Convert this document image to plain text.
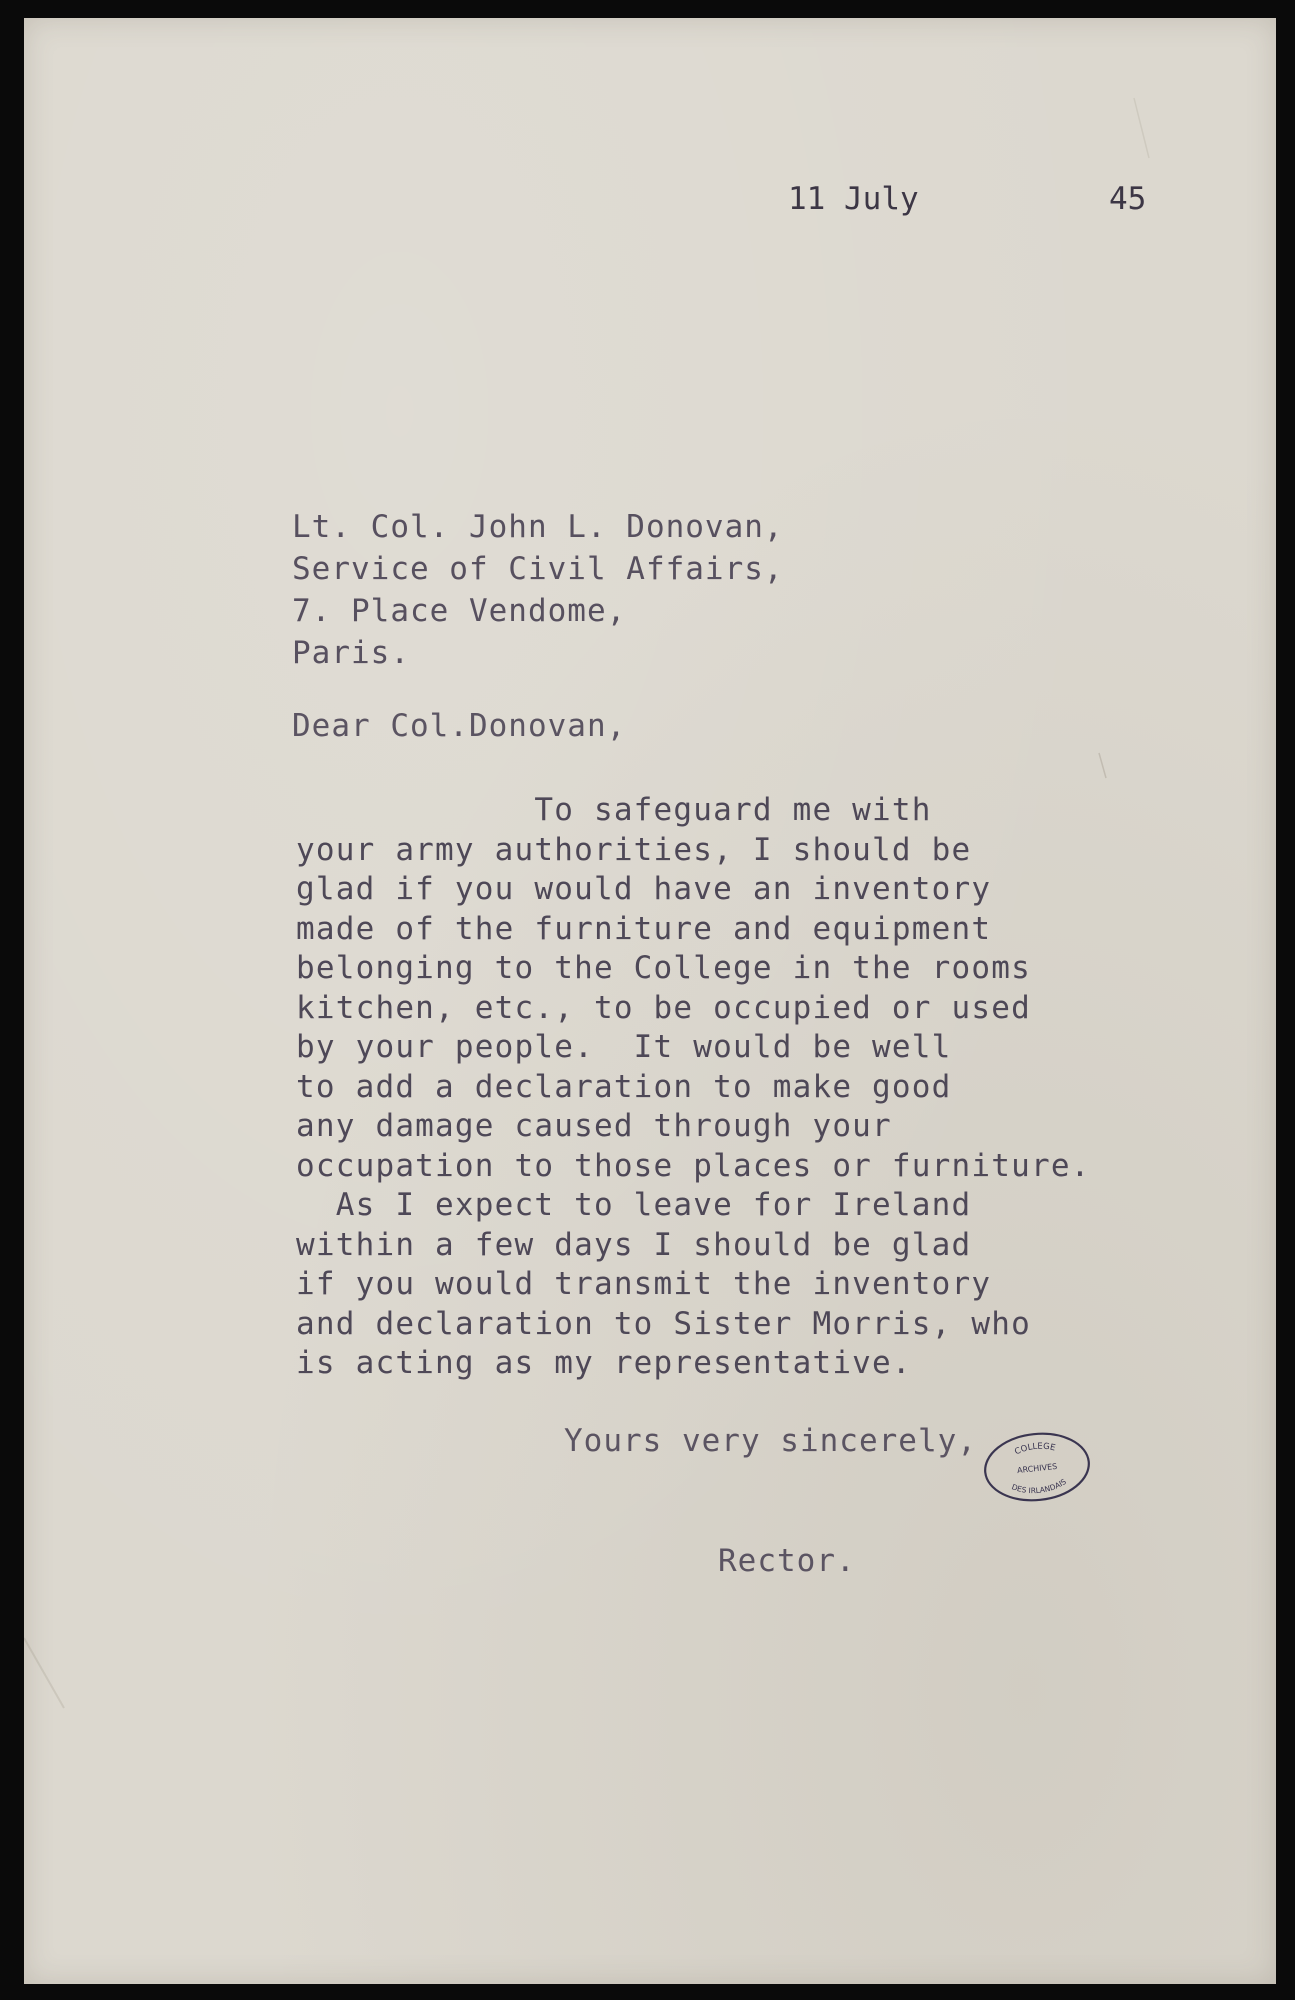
11 July	45
Lt. Col. John L. Donovan,
Service of Civil Affairs,
7. Place Vendome,
Paris.
Dear Col.Donovan,
To safeguard me with
your army authorities, I should be
glad if you would have an inventory
made of the furniture and equipment
belonging to the College in the rooms
kitchen, etc., to be occupied or used
by your people.  It would be well
to add a declaration to make good
any damage caused through your
occupation to those places or furniture.
As I expect to leave for Ireland
within a few days I should be glad
if you would transmit the inventory
and declaration to Sister Morris, who
is acting as my representative.
Yours very sincerely,
Rector.
COLLEGE
ARCHIVES
DES IRLANDAIS
